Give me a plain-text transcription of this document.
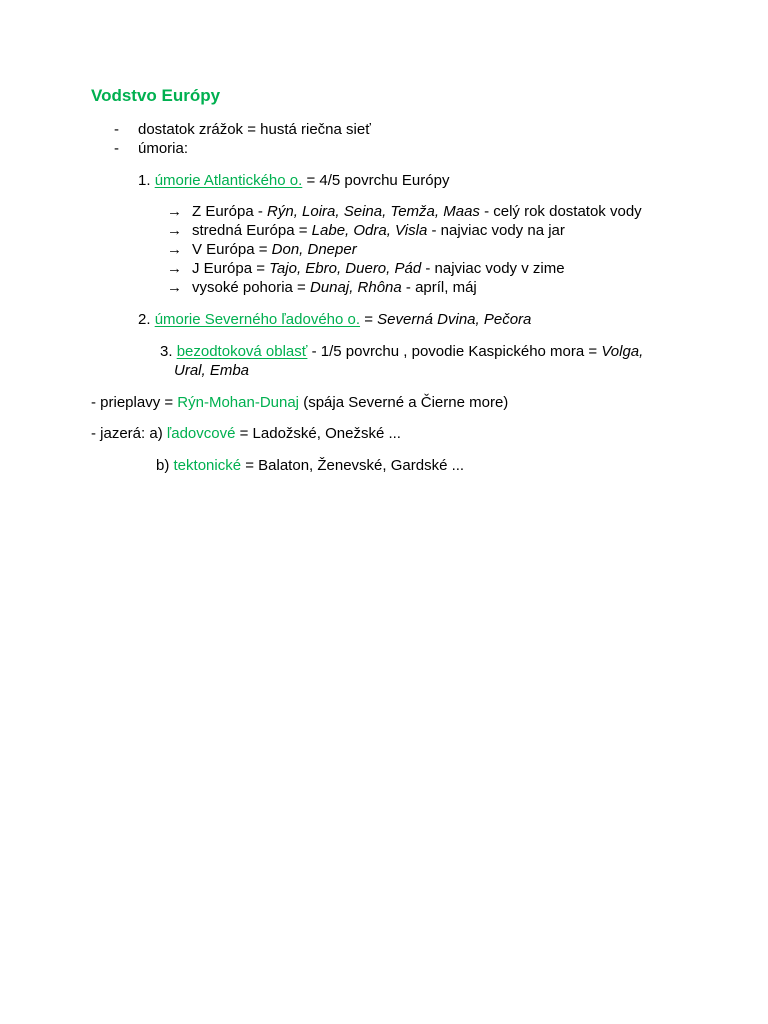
Vodstvo Európy
- dostatok zrážok = hustá riečna sieť
- úmoria:
1. úmorie Atlantického o. = 4/5 povrchu Európy
→ Z Európa - Rýn, Loira, Seina, Temža, Maas - celý rok dostatok vody
→ stredná Európa = Labe, Odra, Visla - najviac vody na jar
→ V Európa = Don, Dneper
→ J Európa = Tajo, Ebro, Duero, Pád - najviac vody v zime
→ vysoké pohoria = Dunaj, Rhôna - apríl, máj
2. úmorie Severného ľadového o. = Severná Dvina, Pečora
3. bezodtoková oblasť - 1/5 povrchu , povodie Kaspického mora = Volga,
Ural, Emba
- prieplavy = Rýn-Mohan-Dunaj (spája Severné a Čierne more)
- jazerá: a) ľadovcové = Ladožské, Onežské ...
b) tektonické = Balaton, Ženevské, Gardské ...
